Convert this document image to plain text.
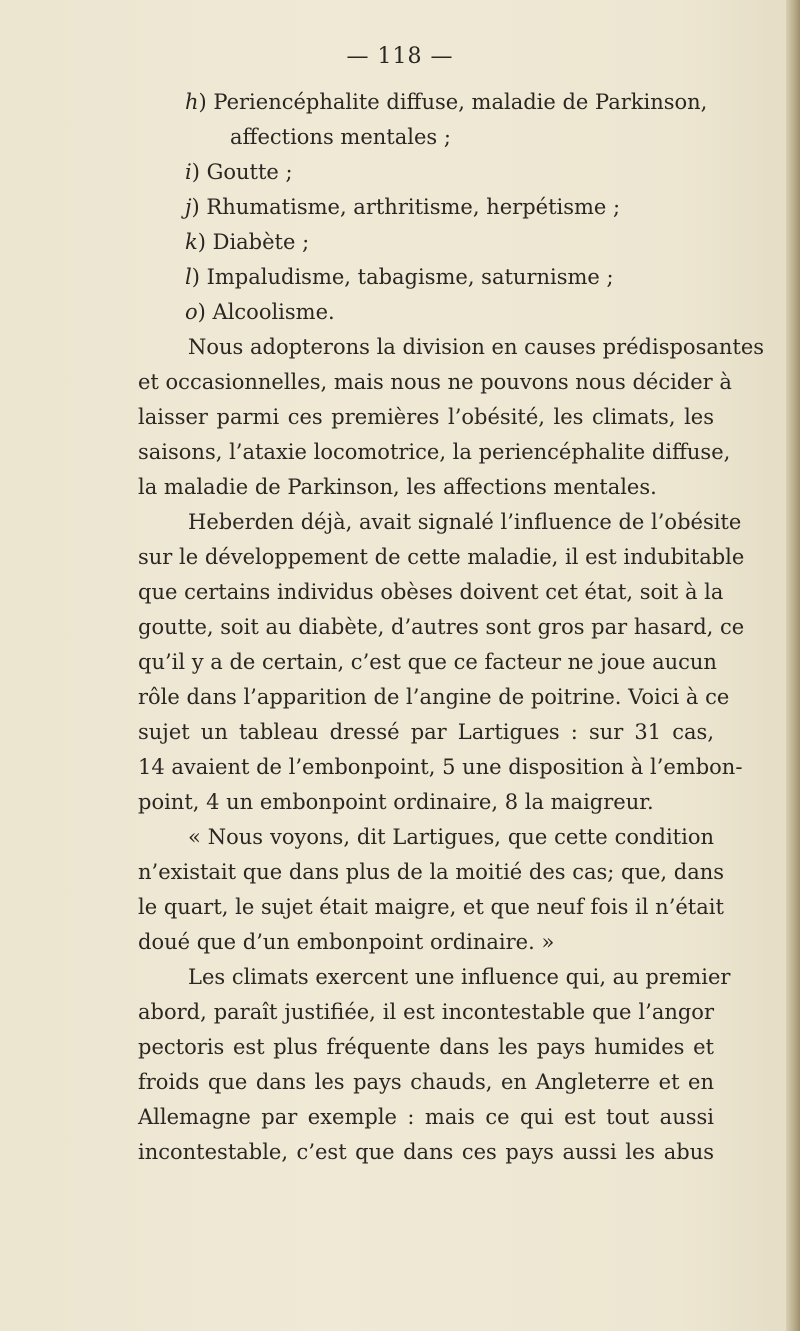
— 118 —
h) Periencéphalite diffuse, maladie de Parkinson,
affections mentales ;
i) Goutte ;
j) Rhumatisme, arthritisme, herpétisme ;
k) Diabète ;
l) Impaludisme, tabagisme, saturnisme ;
o) Alcoolisme.
Nous adopterons la division en causes prédisposantes
et occasionnelles, mais nous ne pouvons nous décider à
laisser parmi ces premières l’obésité, les climats, les
saisons, l’ataxie locomotrice, la periencéphalite diffuse,
la maladie de Parkinson, les affections mentales.
Heberden déjà, avait signalé l’influence de l’obésite
sur le développement de cette maladie, il est indubitable
que certains individus obèses doivent cet état, soit à la
goutte, soit au diabète, d’autres sont gros par hasard, ce
qu’il y a de certain, c’est que ce facteur ne joue aucun
rôle dans l’apparition de l’angine de poitrine. Voici à ce
sujet un tableau dressé par Lartigues : sur 31 cas,
14 avaient de l’embonpoint, 5 une disposition à l’embon-
point, 4 un embonpoint ordinaire, 8 la maigreur.
« Nous voyons, dit Lartigues, que cette condition
n’existait que dans plus de la moitié des cas; que, dans
le quart, le sujet était maigre, et que neuf fois il n’était
doué que d’un embonpoint ordinaire. »
Les climats exercent une influence qui, au premier
abord, paraît justifiée, il est incontestable que l’angor
pectoris est plus fréquente dans les pays humides et
froids que dans les pays chauds, en Angleterre et en
Allemagne par exemple : mais ce qui est tout aussi
incontestable, c’est que dans ces pays aussi les abus
